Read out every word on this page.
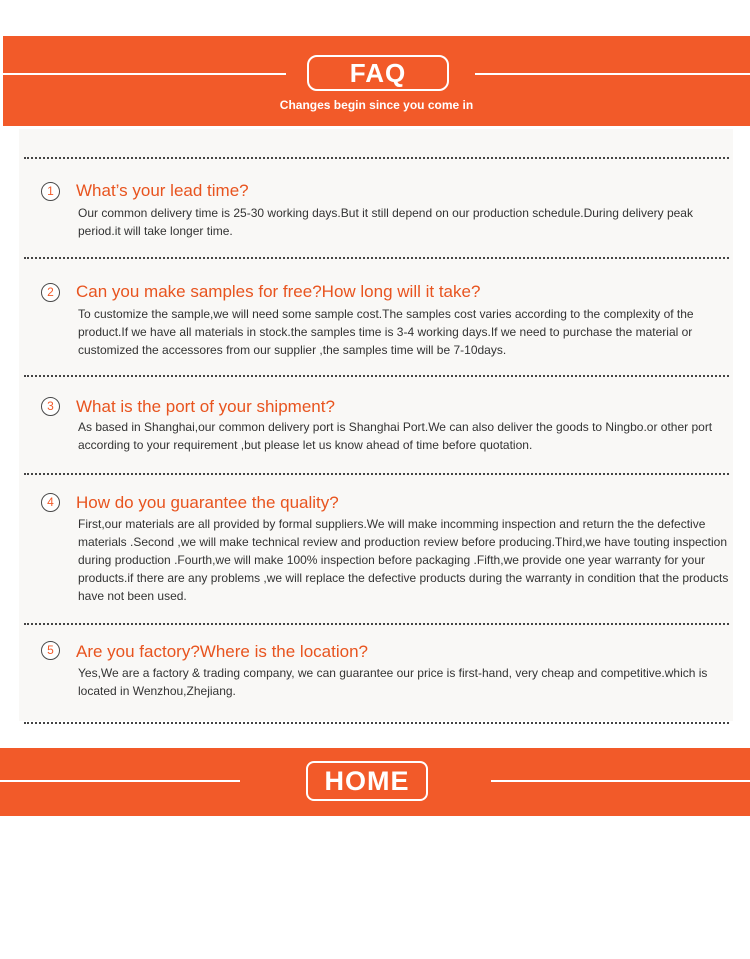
FAQ
Changes begin since you come in
1	What’s your lead time?
Our common delivery time is 25-30 working days.But it still depend on our production schedule.During delivery peak period.it will take longer time.
2	Can you make samples for free?How long will it take?
To customize the sample,we will need some sample cost.The samples cost varies according to the complexity of the product.If we have all materials in stock.the samples time is 3-4 working days.If we need to purchase the material or customized the accessores from our supplier ,the samples time will be 7-10days.
3	What is the port of your shipment?
As based in Shanghai,our common delivery port is Shanghai Port.We can also deliver the goods to Ningbo.or other port according to your requirement ,but please let us know ahead of time before quotation.
4	How do you guarantee the quality?
First,our materials are all provided by formal suppliers.We will make incomming inspection and return the the defective materials .Second ,we will make technical review and production review before producing.Third,we have touting inspection during production .Fourth,we will make 100% inspection before packaging .Fifth,we provide one year warranty for your products.if there are any problems ,we will replace the defective products during the warranty in condition that the products have not been used.
5	Are you factory?Where is the location?
Yes,We are a factory & trading company, we can guarantee our price is first-hand, very cheap and competitive.which is located in Wenzhou,Zhejiang.
HOME
